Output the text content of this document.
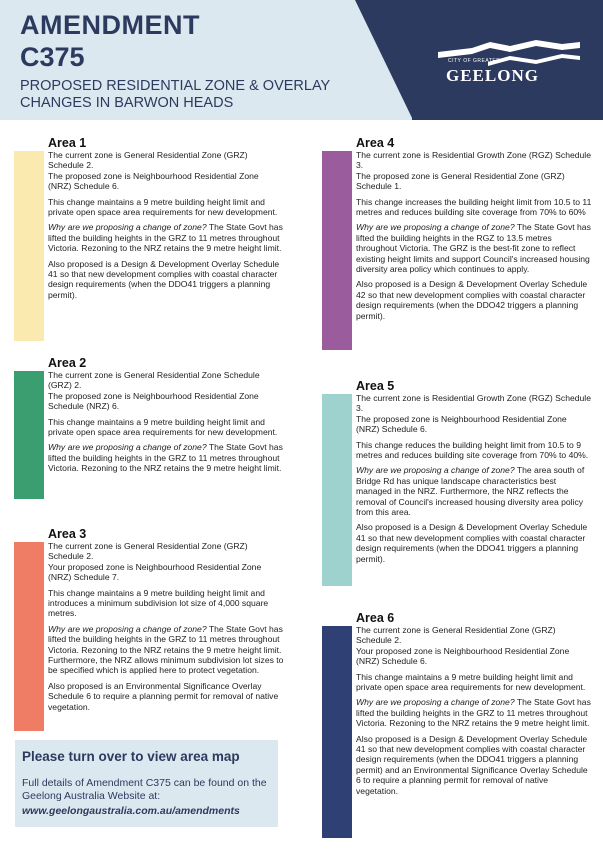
AMENDMENT
C375
PROPOSED RESIDENTIAL ZONE & OVERLAY CHANGES IN BARWON HEADS
CITY OF GREATER
GEELONG
Area 1

The current zone is General Residential Zone (GRZ) Schedule 2.

The proposed zone is Neighbourhood Residential Zone (NRZ) Schedule 6.

This change maintains a 9 metre building height limit and private open space area requirements for new development.

Why are we proposing a change of zone? The State Govt has lifted the building heights in the GRZ to 11 metres throughout Victoria. Rezoning to the NRZ retains the 9 metre height limit.

Also proposed is a Design & Development Overlay Schedule 41 so that new development complies with coastal character design requirements (when the DDO41 triggers a planning permit).

Area 2

The current zone is General Residential Zone Schedule (GRZ) 2.

The proposed zone is Neighbourhood Residential Zone Schedule (NRZ) 6.

This change maintains a 9 metre building height limit and private open space area requirements for new development.

Why are we proposing a change of zone? The State Govt has lifted the building heights in the GRZ to 11 metres throughout Victoria. Rezoning to the NRZ retains the 9 metre height limit.

Area 3

The current zone is General Residential Zone (GRZ) Schedule 2.

Your proposed zone is Neighbourhood Residential Zone (NRZ) Schedule 7.

This change maintains a 9 metre building height limit and introduces a minimum subdivision lot size of 4,000 square metres.

Why are we proposing a change of zone? The State Govt has lifted the building heights in the GRZ to 11 metres throughout Victoria. Rezoning to the NRZ retains the 9 metre height limit. Furthermore, the NRZ allows minimum subdivision lot sizes to be specified which is applied here to protect vegetation.

Also proposed is an Environmental Significance Overlay Schedule 6 to require a planning permit for removal of native vegetation.

Area 4

The current zone is Residential Growth Zone (RGZ) Schedule 3.

The proposed zone is General Residential Zone (GRZ) Schedule 1.

This change increases the building height limit from 10.5 to 11 metres and reduces building site coverage from 70% to 60%

Why are we proposing a change of zone? The State Govt has lifted the building heights in the RGZ to 13.5 metres throughout Victoria. The GRZ is the best-fit zone to reflect existing height limits and support Council's increased housing diversity area policy which continues to apply.

Also proposed is a Design & Development Overlay Schedule 42 so that new development complies with coastal character design requirements (when the DDO42 triggers a planning permit).

Area 5

The current zone is Residential Growth Zone (RGZ) Schedule 3.

The proposed zone is Neighbourhood Residential Zone (NRZ) Schedule 6.

This change reduces the building height limit from 10.5 to 9 metres and reduces building site coverage from 70% to 40%.

Why are we proposing a change of zone? The area south of Bridge Rd has unique landscape characteristics best managed in the NRZ. Furthermore, the NRZ reflects the removal of Council's increased housing diversity area policy from this area.

Also proposed is a Design & Development Overlay Schedule 41 so that new development complies with coastal character design requirements (when the DDO41 triggers a planning permit).

Area 6

The current zone is General Residential Zone (GRZ) Schedule 2.

Your proposed zone is Neighbourhood Residential Zone (NRZ) Schedule 6.

This change maintains a 9 metre building height limit and private open space area requirements for new development.

Why are we proposing a change of zone? The State Govt has lifted the building heights in the GRZ to 11 metres throughout Victoria. Rezoning to the NRZ retains the 9 metre height limit.

Also proposed is a Design & Development Overlay Schedule 41 so that new development complies with coastal character design requirements (when the DDO41 triggers a planning permit) and an Environmental Significance Overlay Schedule 6 to require a planning permit for removal of native vegetation.

Please turn over to view area map
Full details of Amendment C375 can be found on the Geelong Australia Website at:
www.geelongaustralia.com.au/amendments
